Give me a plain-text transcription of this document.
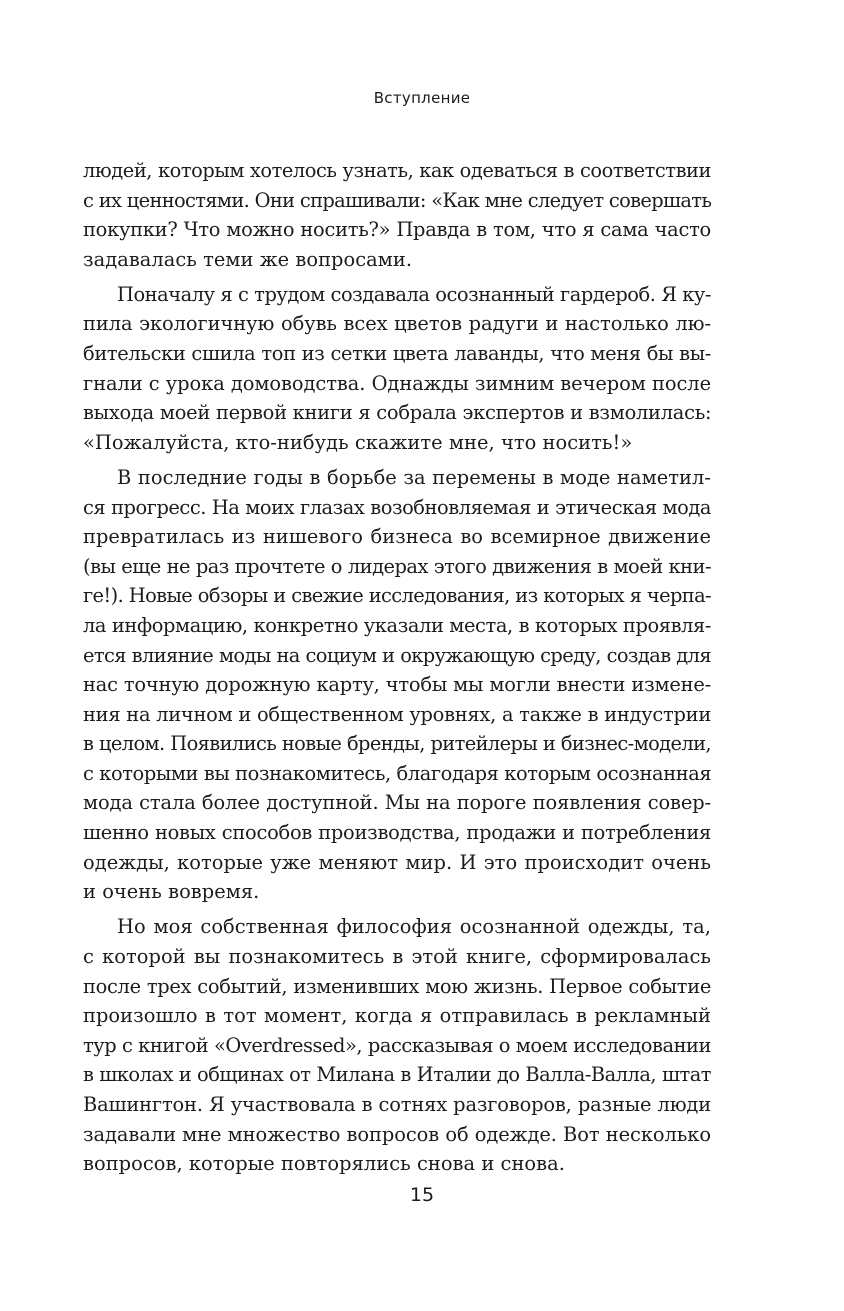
Вступление

людей, которым хотелось узнать, как одеваться в соответствии
с их ценностями. Они спрашивали: «Как мне следует совершать
покупки? Что можно носить?» Правда в том, что я сама часто
задавалась теми же вопросами.

Поначалу я с трудом создавала осознанный гардероб. Я ку-
пила экологичную обувь всех цветов радуги и настолько лю-
бительски сшила топ из сетки цвета лаванды, что меня бы вы-
гнали с урока домоводства. Однажды зимним вечером после
выхода моей первой книги я собрала экспертов и взмолилась:
«Пожалуйста, кто-нибудь скажите мне, что носить!»

В последние годы в борьбе за перемены в моде наметил-
ся прогресс. На моих глазах возобновляемая и этическая мода
превратилась из нишевого бизнеса во всемирное движение
(вы еще не раз прочтете о лидерах этого движения в моей кни-
ге!). Новые обзоры и свежие исследования, из которых я черпа-
ла информацию, конкретно указали места, в которых проявля-
ется влияние моды на социум и окружающую среду, создав для
нас точную дорожную карту, чтобы мы могли внести измене-
ния на личном и общественном уровнях, а также в индустрии
в целом. Появились новые бренды, ритейлеры и бизнес-модели,
с которыми вы познакомитесь, благодаря которым осознанная
мода стала более доступной. Мы на пороге появления совер-
шенно новых способов производства, продажи и потребления
одежды, которые уже меняют мир. И это происходит очень
и очень вовремя.

Но моя собственная философия осознанной одежды, та,
с которой вы познакомитесь в этой книге, сформировалась
после трех событий, изменивших мою жизнь. Первое событие
произошло в тот момент, когда я отправилась в рекламный
тур с книгой «Overdressed», рассказывая о моем исследовании
в школах и общинах от Милана в Италии до Валла-Валла, штат
Вашингтон. Я участвовала в сотнях разговоров, разные люди
задавали мне множество вопросов об одежде. Вот несколько
вопросов, которые повторялись снова и снова.

15
